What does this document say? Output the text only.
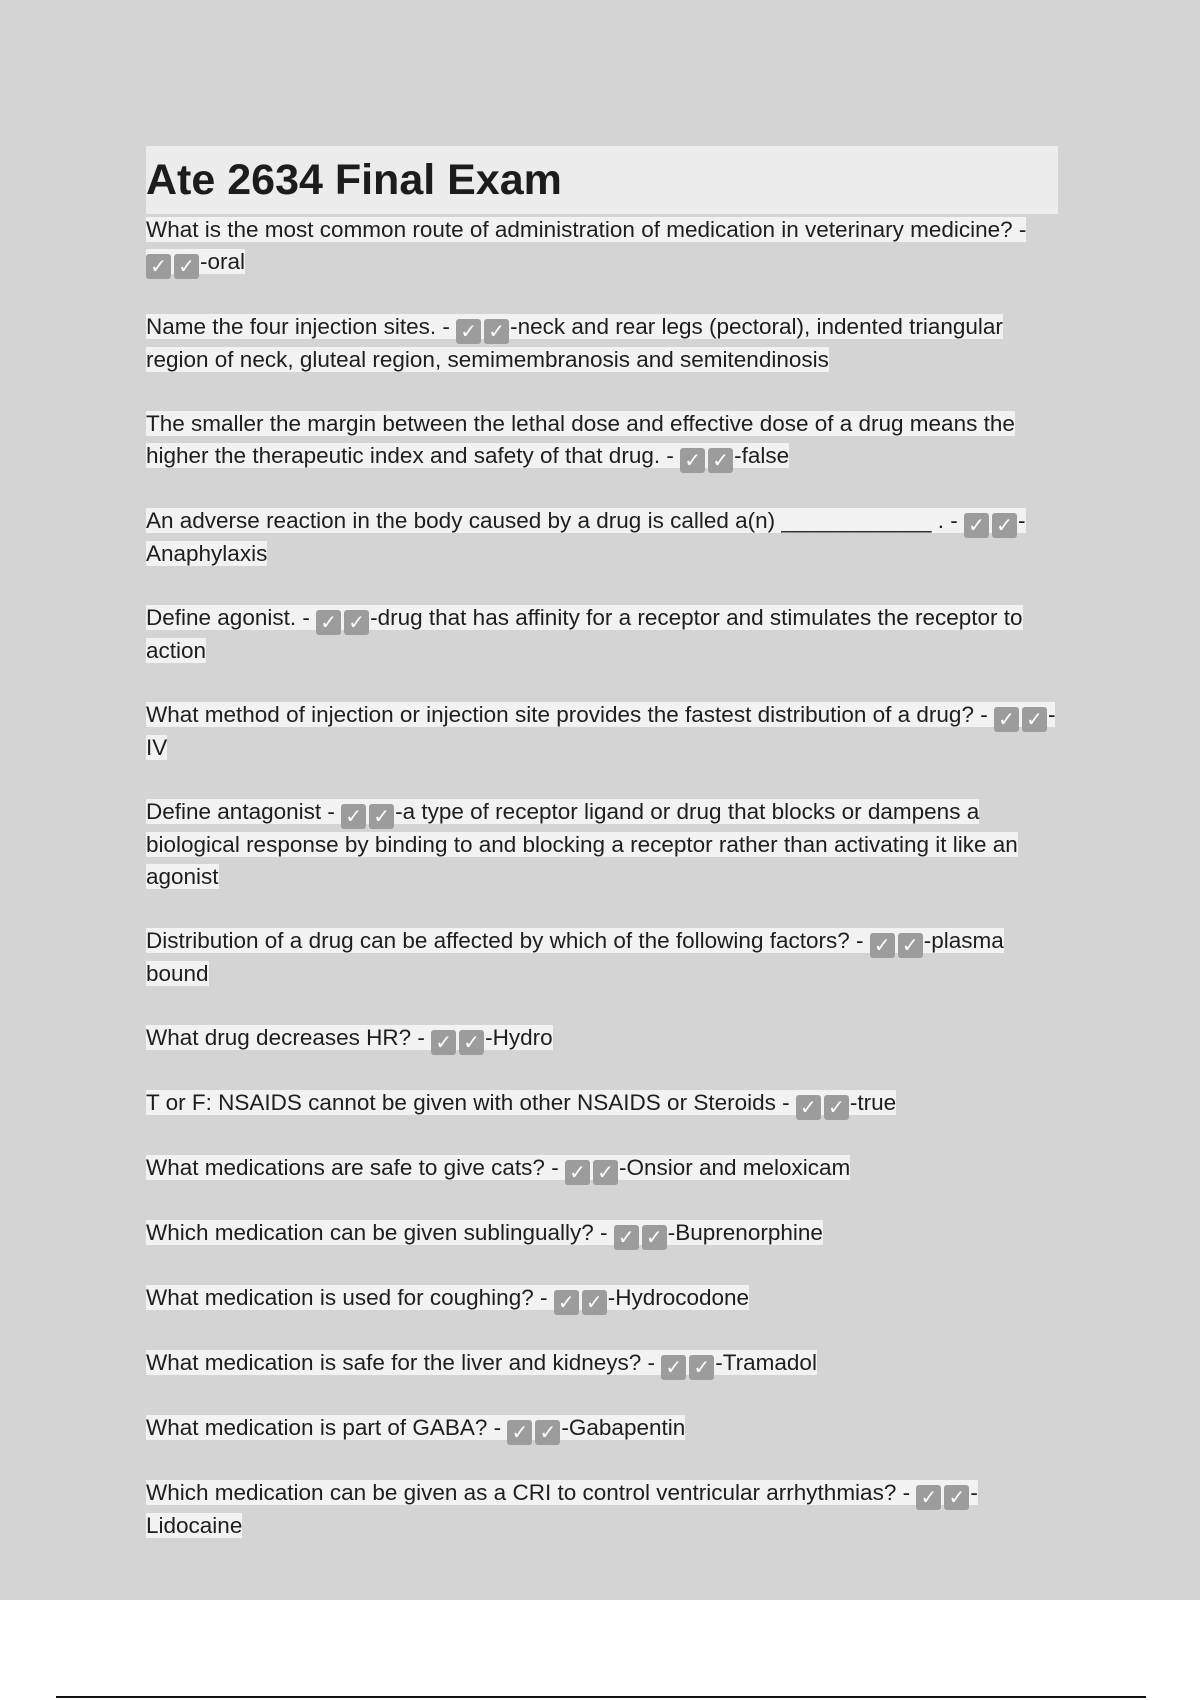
Ate 2634 Final Exam

What is the most common route of administration of medication in veterinary medicine? - ✓ ✓ -oral

Name the four injection sites. - ✓ ✓ -neck and rear legs (pectoral), indented triangular region of neck, gluteal region, semimembranosis and semitendinosis

The smaller the margin between the lethal dose and effective dose of a drug means the higher the therapeutic index and safety of that drug. - ✓ ✓ -false

An adverse reaction in the body caused by a drug is called a(n) ____________ . - ✓ ✓ -Anaphylaxis

Define agonist. - ✓ ✓ -drug that has affinity for a receptor and stimulates the receptor to action

What method of injection or injection site provides the fastest distribution of a drug? - ✓ ✓ -IV

Define antagonist - ✓ ✓ -a type of receptor ligand or drug that blocks or dampens a biological response by binding to and blocking a receptor rather than activating it like an agonist

Distribution of a drug can be affected by which of the following factors? - ✓ ✓ -plasma bound

What drug decreases HR? - ✓ ✓ -Hydro

T or F: NSAIDS cannot be given with other NSAIDS or Steroids - ✓ ✓ -true

What medications are safe to give cats? - ✓ ✓ -Onsior and meloxicam

Which medication can be given sublingually? - ✓ ✓ -Buprenorphine

What medication is used for coughing? - ✓ ✓ -Hydrocodone

What medication is safe for the liver and kidneys? - ✓ ✓ -Tramadol

What medication is part of GABA? - ✓ ✓ -Gabapentin

Which medication can be given as a CRI to control ventricular arrhythmias? - ✓ ✓ -Lidocaine
